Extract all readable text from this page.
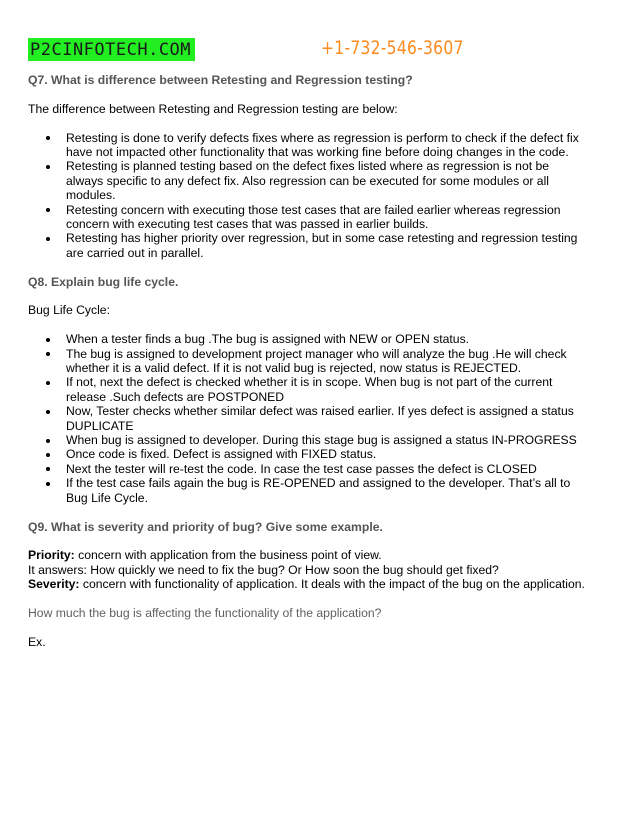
P2CINFOTECH.COM	+1-732-546-3607

Q7. What is difference between Retesting and Regression testing?

The difference between Retesting and Regression testing are below:

Retesting is done to verify defects fixes where as regression is perform to check if the defect fix have not impacted other functionality that was working fine before doing changes in the code.
Retesting is planned testing based on the defect fixes listed where as regression is not be always specific to any defect fix. Also regression can be executed for some modules or all modules.
Retesting concern with executing those test cases that are failed earlier whereas regression concern with executing test cases that was passed in earlier builds.
Retesting has higher priority over regression, but in some case retesting and regression testing are carried out in parallel.

Q8. Explain bug life cycle.

Bug Life Cycle:

When a tester finds a bug .The bug is assigned with NEW or OPEN status.
The bug is assigned to development project manager who will analyze the bug .He will check whether it is a valid defect. If it is not valid bug is rejected, now status is REJECTED.
If not, next the defect is checked whether it is in scope. When bug is not part of the current release .Such defects are POSTPONED
Now, Tester checks whether similar defect was raised earlier. If yes defect is assigned a status DUPLICATE
When bug is assigned to developer. During this stage bug is assigned a status IN-PROGRESS
Once code is fixed. Defect is assigned with FIXED status.
Next the tester will re-test the code. In case the test case passes the defect is CLOSED
If the test case fails again the bug is RE-OPENED and assigned to the developer. That’s all to Bug Life Cycle.

Q9. What is severity and priority of bug? Give some example.

Priority: concern with application from the business point of view.

It answers: How quickly we need to fix the bug? Or How soon the bug should get fixed?

Severity: concern with functionality of application. It deals with the impact of the bug on the application.

How much the bug is affecting the functionality of the application?

Ex.
